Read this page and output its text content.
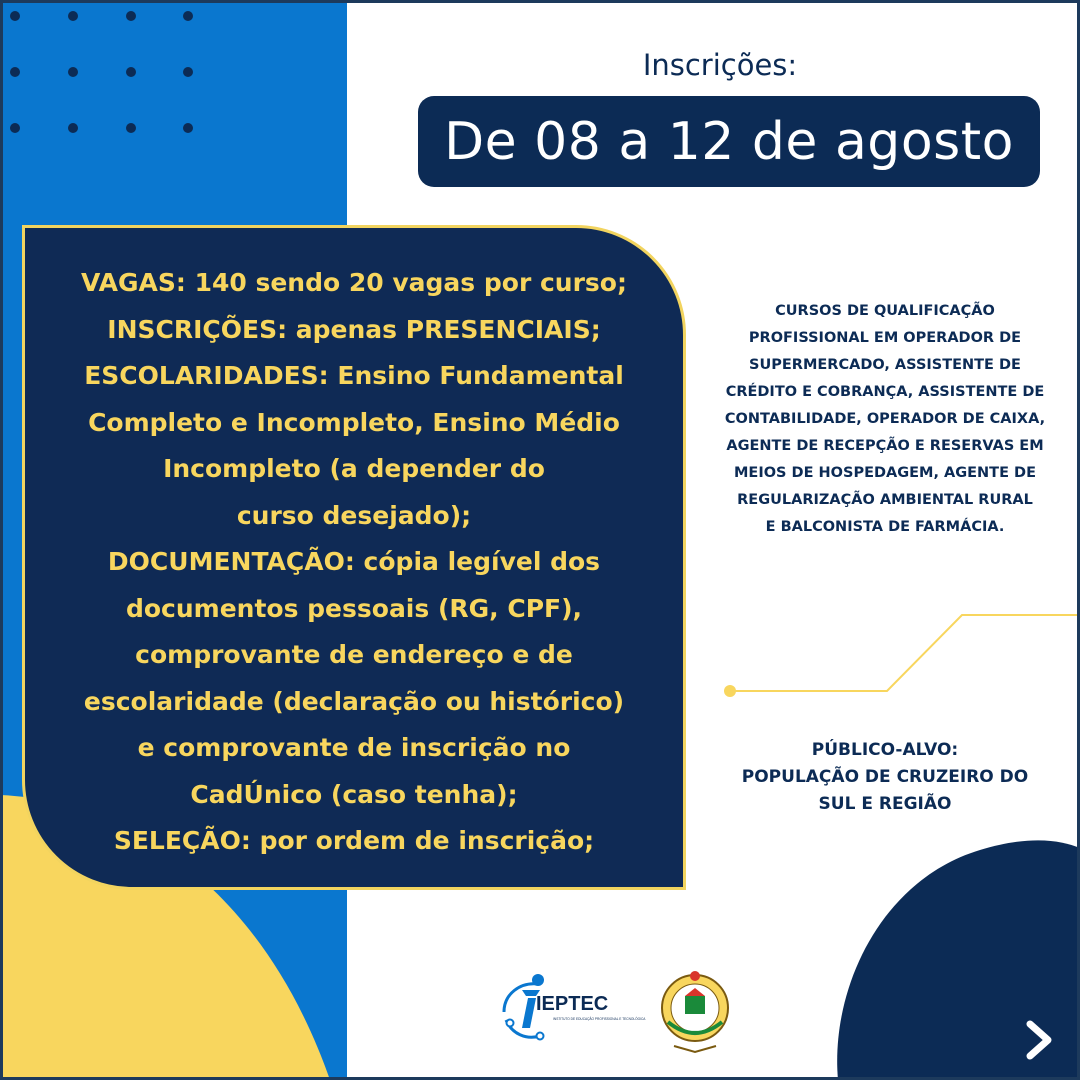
Inscrições:
De 08 a 12 de agosto
VAGAS: 140 sendo 20 vagas por curso;
INSCRIÇÕES: apenas PRESENCIAIS;
ESCOLARIDADES: Ensino Fundamental
Completo e Incompleto, Ensino Médio
Incompleto (a depender do
curso desejado);
DOCUMENTAÇÃO: cópia legível dos
documentos pessoais (RG, CPF),
comprovante de endereço e de
escolaridade (declaração ou histórico)
e comprovante de inscrição no
CadÚnico (caso tenha);
SELEÇÃO: por ordem de inscrição;
CURSOS DE QUALIFICAÇÃO
PROFISSIONAL EM OPERADOR DE
SUPERMERCADO, ASSISTENTE DE
CRÉDITO E COBRANÇA, ASSISTENTE DE
CONTABILIDADE, OPERADOR DE CAIXA,
AGENTE DE RECEPÇÃO E RESERVAS EM
MEIOS DE HOSPEDAGEM, AGENTE DE
REGULARIZAÇÃO AMBIENTAL RURAL
E BALCONISTA DE FARMÁCIA.
PÚBLICO-ALVO:
POPULAÇÃO DE CRUZEIRO DO
SUL E REGIÃO
IEPTEC
INSTITUTO DE EDUCAÇÃO PROFISSIONAL E TECNOLÓGICA
